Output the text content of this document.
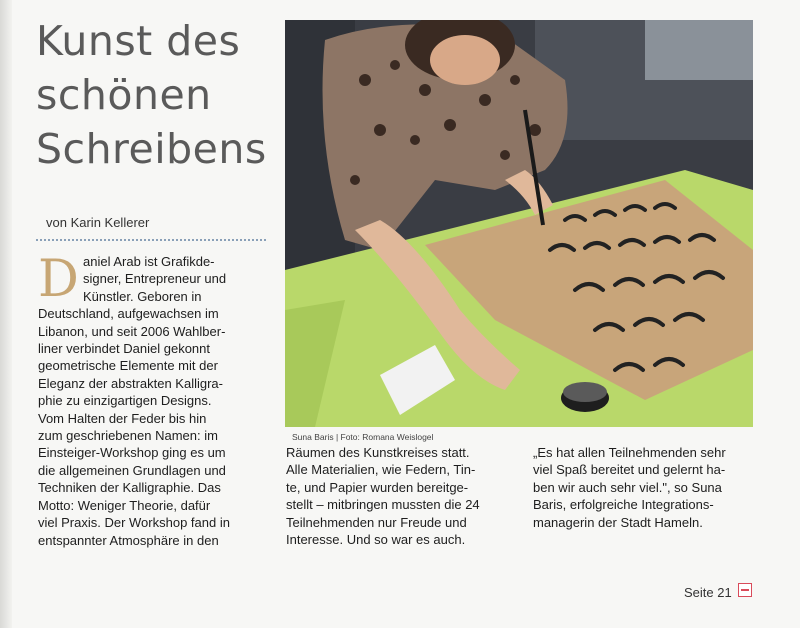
Kunst des
schönen
Schreibens
von Karin Kellerer
D aniel Arab ist Grafikde-
signer, Entrepreneur und
Künstler. Geboren in
Deutschland, aufgewachsen im
Libanon, und seit 2006 Wahlber-
liner verbindet Daniel gekonnt
geometrische Elemente mit der
Eleganz der abstrakten Kalligra-
phie zu einzigartigen Designs.
Vom Halten der Feder bis hin
zum geschriebenen Namen: im
Einsteiger-Workshop ging es um
die allgemeinen Grundlagen und
Techniken der Kalligraphie. Das
Motto: Weniger Theorie, dafür
viel Praxis. Der Workshop fand in
entspannter Atmosphäre in den
Suna Baris | Foto: Romana Weislogel
Räumen des Kunstkreises statt.
Alle Materialien, wie Federn, Tin-
te, und Papier wurden bereitge-
stellt – mitbringen mussten die 24
Teilnehmenden nur Freude und
Interesse. Und so war es auch.
„Es hat allen Teilnehmenden sehr
viel Spaß bereitet und gelernt ha-
ben wir auch sehr viel.", so Suna
Baris, erfolgreiche Integrations-
managerin der Stadt Hameln.
Seite 21
